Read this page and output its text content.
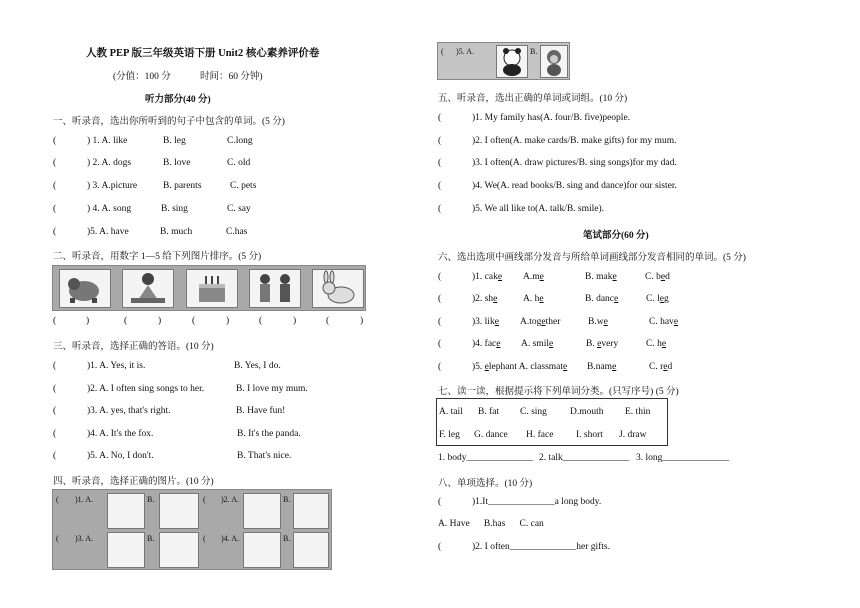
人教 PEP 版三年级英语下册 Unit2 核心素养评价卷
(分值：100 分	时间：60 分钟)
听力部分(40 分)
一、听录音，选出你所听到的句子中包含的单词。(5 分)
(	) 1. A. like	B. leg	C.long
(	) 2. A. dogs	B. love	C. old
(	) 3. A.picture	B. parents	C. pets
(	) 4. A. song	B. sing	C. say
(	)5. A. have	B. much	C.has
二、听录音，用数字 1—5 给下列图片排序。(5 分)
(	)	(	)	(	)	(	)	(	)
三、听录音，选择正确的答语。(10 分)
(	)1. A. Yes, it is.	B. Yes, I do.
(	)2. A. I often sing songs to her.	B. I love my mum.
(	)3. A. yes, that's right.	B. Have fun!
(	)4. A. It's the fox.	B. It's the panda.
(	)5. A. No, I don't.	B. That's nice.
四、听录音，选择正确的图片。(10 分)
( )1. A.	B.	( )2. A.	B.
( )3. A.	B.	( )4. A.	B.
( )5. A.	B.
五、听录音，选出正确的单词或词组。(10 分)
(	)1. My family has(A. four/B. five)people.
(	)2. I often(A. make cards/B. make gifts) for my mum.
(	)3. I often(A. draw pictures/B. sing songs)for my dad.
(	)4. We(A. read books/B. sing and dance)for our sister.
(	)5. We all like to(A. talk/B. smile).
笔试部分(60 分)
六、选出选项中画线部分发音与所给单词画线部分发音相同的单词。(5 分)
(	)1. cake A.me	B. make	C. bed
(	)2. she	A. he	B. dance	C. leg
(	)3. like A.together	B.we	C. have
(	)4. face A. smile	B. every	C. he
(	)5. elephant A. classmate B.name	C. red
七、读一读，根据提示将下列单词分类。(只写序号) (5 分)
A. tail B. fat C. sing D.mouth E. thin
F. leg G. dance H. face I. short J. draw
1. body______________ 2. talk______________ 3. long______________
八、单项选择。(10 分)
(	)1.It______________a long body.
A. Have      B.has      C. can
(	)2. I often______________her gifts.
